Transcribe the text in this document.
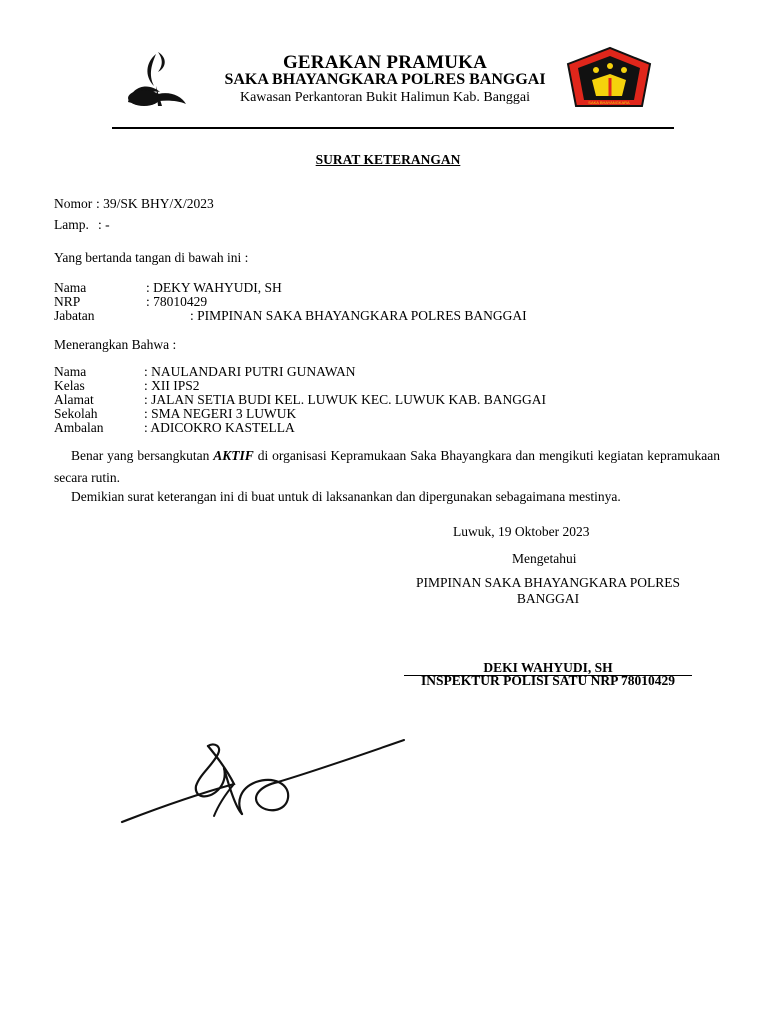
SAKA BHAYANGKARA
GERAKAN PRAMUKA
SAKA BHAYANGKARA POLRES BANGGAI
Kawasan Perkantoran Bukit Halimun Kab. Banggai
SURAT KETERANGAN
Nomor : 39/SK BHY/X/2023
Lamp. : -
Yang bertanda tangan di bawah ini :
Nama	: DEKY WAHYUDI, SH
NRP	: 78010429
Jabatan	: PIMPINAN SAKA BHAYANGKARA POLRES BANGGAI
Menerangkan Bahwa :
Nama	: NAULANDARI PUTRI GUNAWAN
Kelas	: XII IPS2
Alamat	: JALAN SETIA BUDI KEL. LUWUK KEC. LUWUK KAB. BANGGAI
Sekolah	: SMA NEGERI 3 LUWUK
Ambalan	: ADICOKRO KASTELLA
Benar yang bersangkutan AKTIF di organisasi Kepramukaan Saka Bhayangkara dan mengikuti kegiatan kepramukaan secara rutin.
Demikian surat keterangan ini di buat untuk di laksanankan dan dipergunakan sebagaimana mestinya.
Luwuk, 19 Oktober 2023
Mengetahui
PIMPINAN SAKA BHAYANGKARA POLRES
BANGGAI
DEKI WAHYUDI, SH
INSPEKTUR POLISI SATU NRP 78010429
